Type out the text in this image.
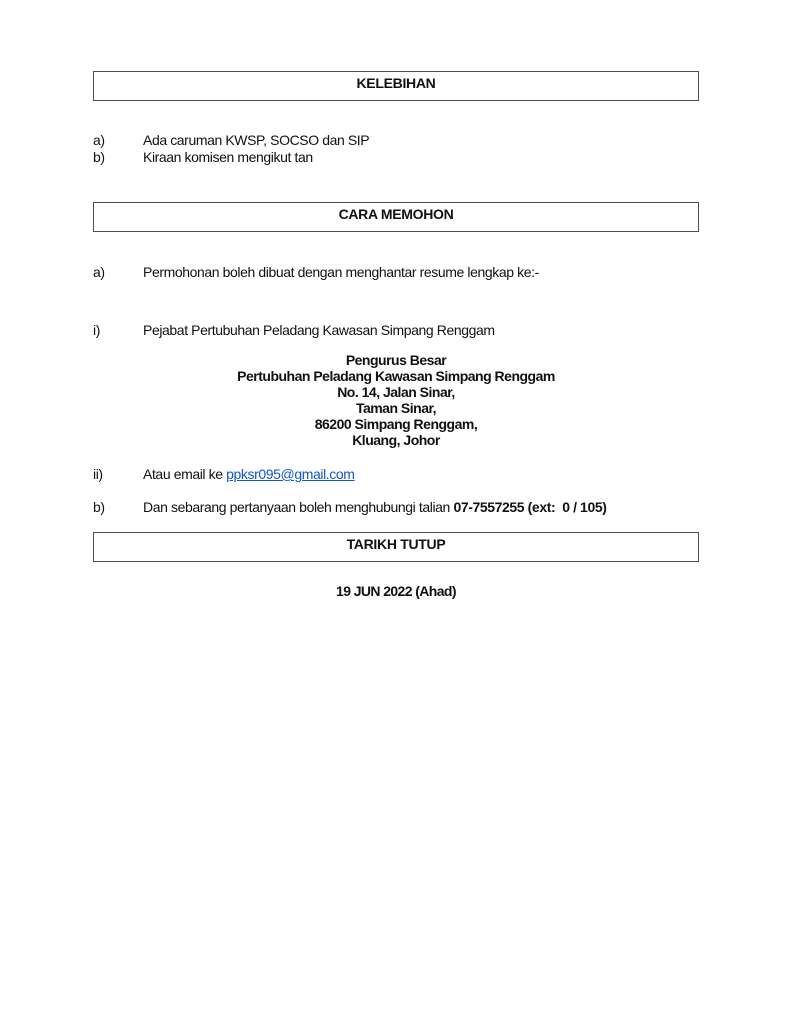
KELEBIHAN
a)	Ada caruman KWSP, SOCSO dan SIP
b)	Kiraan komisen mengikut tan
CARA MEMOHON
a)	Permohonan boleh dibuat dengan menghantar resume lengkap ke:-
i)	Pejabat Pertubuhan Peladang Kawasan Simpang Renggam
Pengurus Besar
Pertubuhan Peladang Kawasan Simpang Renggam
No. 14, Jalan Sinar,
Taman Sinar,
86200 Simpang Renggam,
Kluang, Johor
ii)	Atau email ke ppksr095@gmail.com
b)	Dan sebarang pertanyaan boleh menghubungi talian 07-7557255 (ext:  0 / 105)
TARIKH TUTUP
19 JUN 2022 (Ahad)
